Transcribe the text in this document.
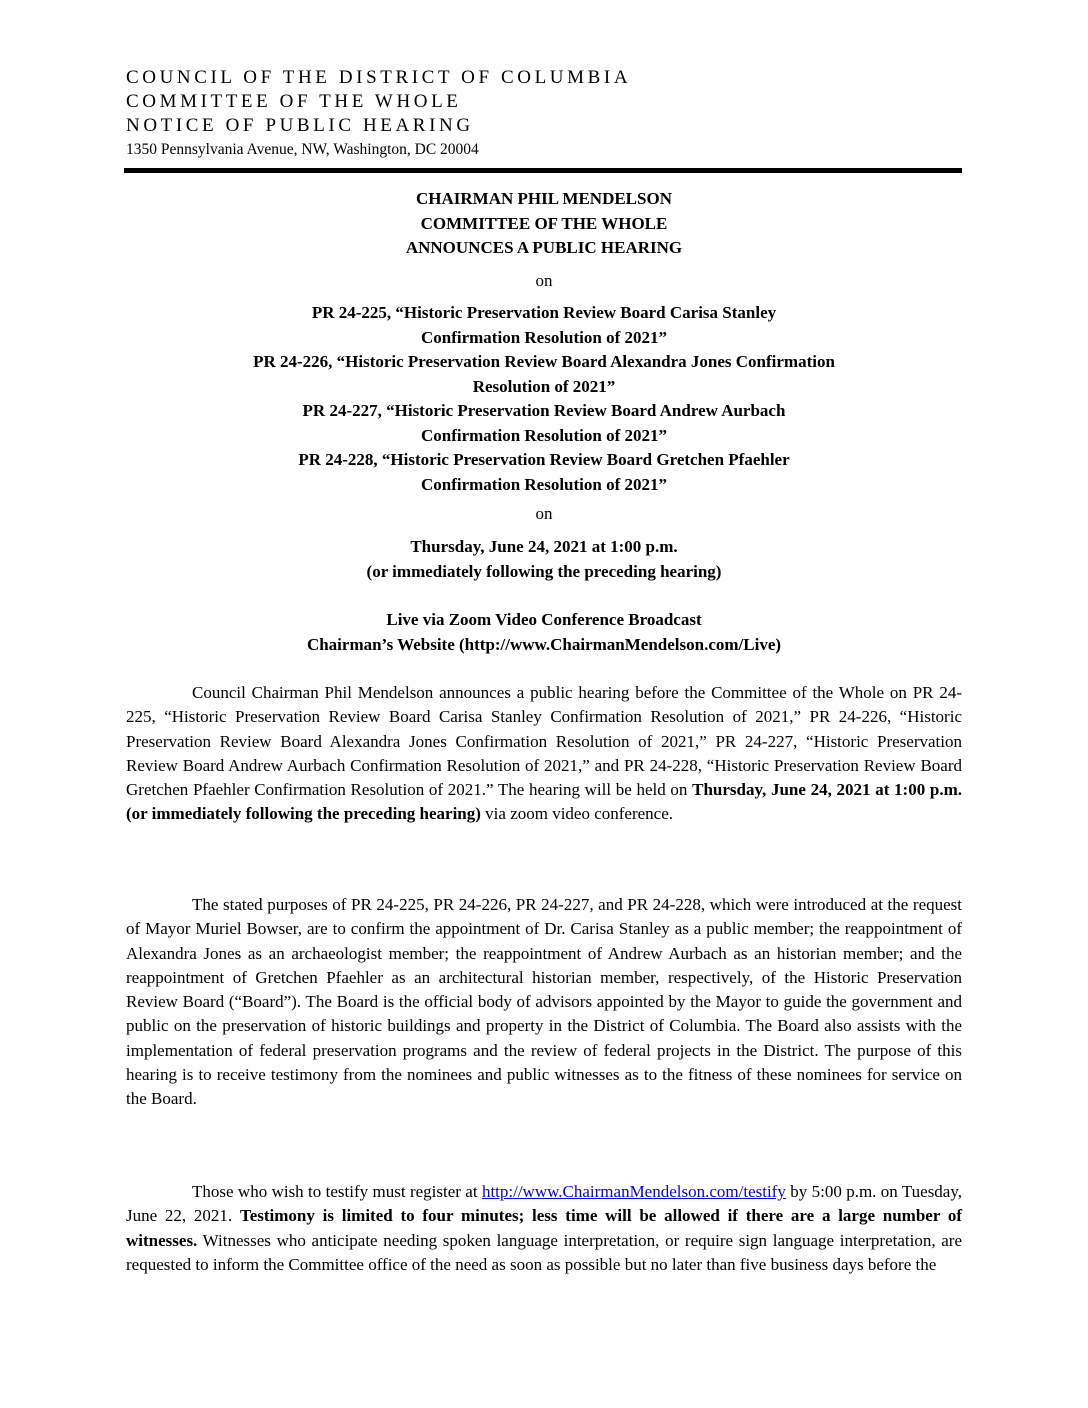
COUNCIL OF THE DISTRICT OF COLUMBIA
COMMITTEE OF THE WHOLE
NOTICE OF PUBLIC HEARING
1350 Pennsylvania Avenue, NW, Washington, DC 20004
CHAIRMAN PHIL MENDELSON
COMMITTEE OF THE WHOLE
ANNOUNCES A PUBLIC HEARING
on
PR 24-225, “Historic Preservation Review Board Carisa Stanley
Confirmation Resolution of 2021”
PR 24-226, “Historic Preservation Review Board Alexandra Jones Confirmation
Resolution of 2021”
PR 24-227, “Historic Preservation Review Board Andrew Aurbach
Confirmation Resolution of 2021”
PR 24-228, “Historic Preservation Review Board Gretchen Pfaehler
Confirmation Resolution of 2021”
on
Thursday, June 24, 2021 at 1:00 p.m.
(or immediately following the preceding hearing)
Live via Zoom Video Conference Broadcast
Chairman’s Website (http://www.ChairmanMendelson.com/Live)

Council Chairman Phil Mendelson announces a public hearing before the Committee of the Whole on PR 24-225, “Historic Preservation Review Board Carisa Stanley Confirmation Resolution of 2021,” PR 24-226, “Historic Preservation Review Board Alexandra Jones Confirmation Resolution of 2021,” PR 24-227, “Historic Preservation Review Board Andrew Aurbach Confirmation Resolution of 2021,” and PR 24-228, “Historic Preservation Review Board Gretchen Pfaehler Confirmation Resolution of 2021.” The hearing will be held on Thursday, June 24, 2021 at 1:00 p.m. (or immediately following the preceding hearing) via zoom video conference.

The stated purposes of PR 24-225, PR 24-226, PR 24-227, and PR 24-228, which were introduced at the request of Mayor Muriel Bowser, are to confirm the appointment of Dr. Carisa Stanley as a public member; the reappointment of Alexandra Jones as an archaeologist member; the reappointment of Andrew Aurbach as an historian member; and the reappointment of Gretchen Pfaehler as an architectural historian member, respectively, of the Historic Preservation Review Board (“Board”). The Board is the official body of advisors appointed by the Mayor to guide the government and public on the preservation of historic buildings and property in the District of Columbia. The Board also assists with the implementation of federal preservation programs and the review of federal projects in the District. The purpose of this hearing is to receive testimony from the nominees and public witnesses as to the fitness of these nominees for service on the Board.

Those who wish to testify must register at http://www.ChairmanMendelson.com/testify by 5:00 p.m. on Tuesday, June 22, 2021. Testimony is limited to four minutes; less time will be allowed if there are a large number of witnesses. Witnesses who anticipate needing spoken language interpretation, or require sign language interpretation, are requested to inform the Committee office of the need as soon as possible but no later than five business days before the
